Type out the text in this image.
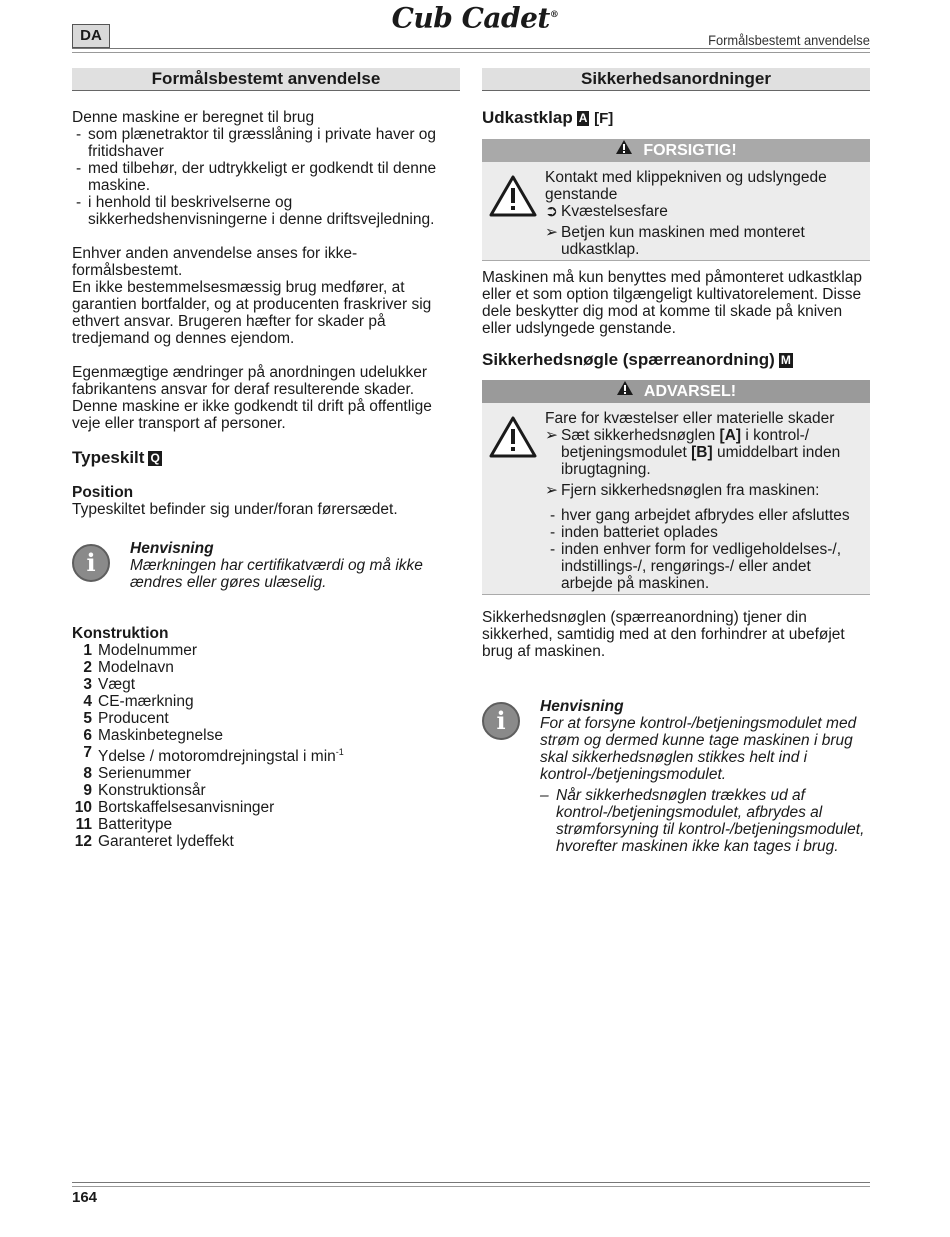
DA
Cub Cadet®
Formålsbestemt anvendelse
Formålsbestemt anvendelse

Denne maskine er beregnet til brug

- som plænetraktor til græsslåning i private haver og fritidshaver
- med tilbehør, der udtrykkeligt er godkendt til denne maskine.
- i henhold til beskrivelserne og sikkerhedshenvisningerne i denne driftsvejledning.

Enhver anden anvendelse anses for ikke-formålsbestemt.

En ikke bestemmelsesmæssig brug medfører, at garantien bortfalder, og at producenten fraskriver sig ethvert ansvar. Brugeren hæfter for skader på tredjemand og dennes ejendom.

Egenmægtige ændringer på anordningen udelukker fabrikantens ansvar for deraf resulterende skader.

Denne maskine er ikke godkendt til drift på offentlige veje eller transport af personer.

Typeskilt Q
Position

Typeskiltet befinder sig under/foran førersædet.

i	Henvisning
Mærkningen har certifikatværdi og må ikke ændres eller gøres ulæselig.
Konstruktion
1 Modelnummer
2 Modelnavn
3 Vægt
4 CE-mærkning
5 Producent
6 Maskinbetegnelse
7 Ydelse / motoromdrejningstal i $\min^{-1}$
8 Serienummer
9 Konstruktionsår
10 Bortskaffelsesanvisninger
11 Batteritype
12 Garanteret lydeffekt
Sikkerhedsanordninger
Udkastklap A [F]
FORSIGTIG!

Kontakt med klippekniven og udslyngede genstande

➲ Kvæstelsesfare
➢ Betjen kun maskinen med monteret udkastklap.

Maskinen må kun benyttes med påmonteret udkastklap eller et som option tilgængeligt kultivatorelement. Disse dele beskytter dig mod at komme til skade på kniven eller udslyngede genstande.

Sikkerhedsnøgle (spærreanordning) M
ADVARSEL!

Fare for kvæstelser eller materielle skader

➢ Sæt sikkerhedsnøglen [A] i kontrol-/ betjeningsmodulet [B] umiddelbart inden ibrugtagning.
➢ Fjern sikkerhedsnøglen fra maskinen:
- hver gang arbejdet afbrydes eller afsluttes
- inden batteriet oplades
- inden enhver form for vedligeholdelses-/, indstillings-/, rengørings-/ eller andet arbejde på maskinen.

Sikkerhedsnøglen (spærreanordning) tjener din sikkerhed, samtidig med at den forhindrer at ubeføjet brug af maskinen.

i	Henvisning
For at forsyne kontrol-/betjeningsmodulet med strøm og dermed kunne tage maskinen i brug skal sikkerhedsnøglen stikkes helt ind i kontrol-/betjeningsmodulet.
– Når sikkerhedsnøglen trækkes ud af kontrol-/betjeningsmodulet, afbrydes al strømforsyning til kontrol-/betjeningsmodulet, hvorefter maskinen ikke kan tages i brug.
164
